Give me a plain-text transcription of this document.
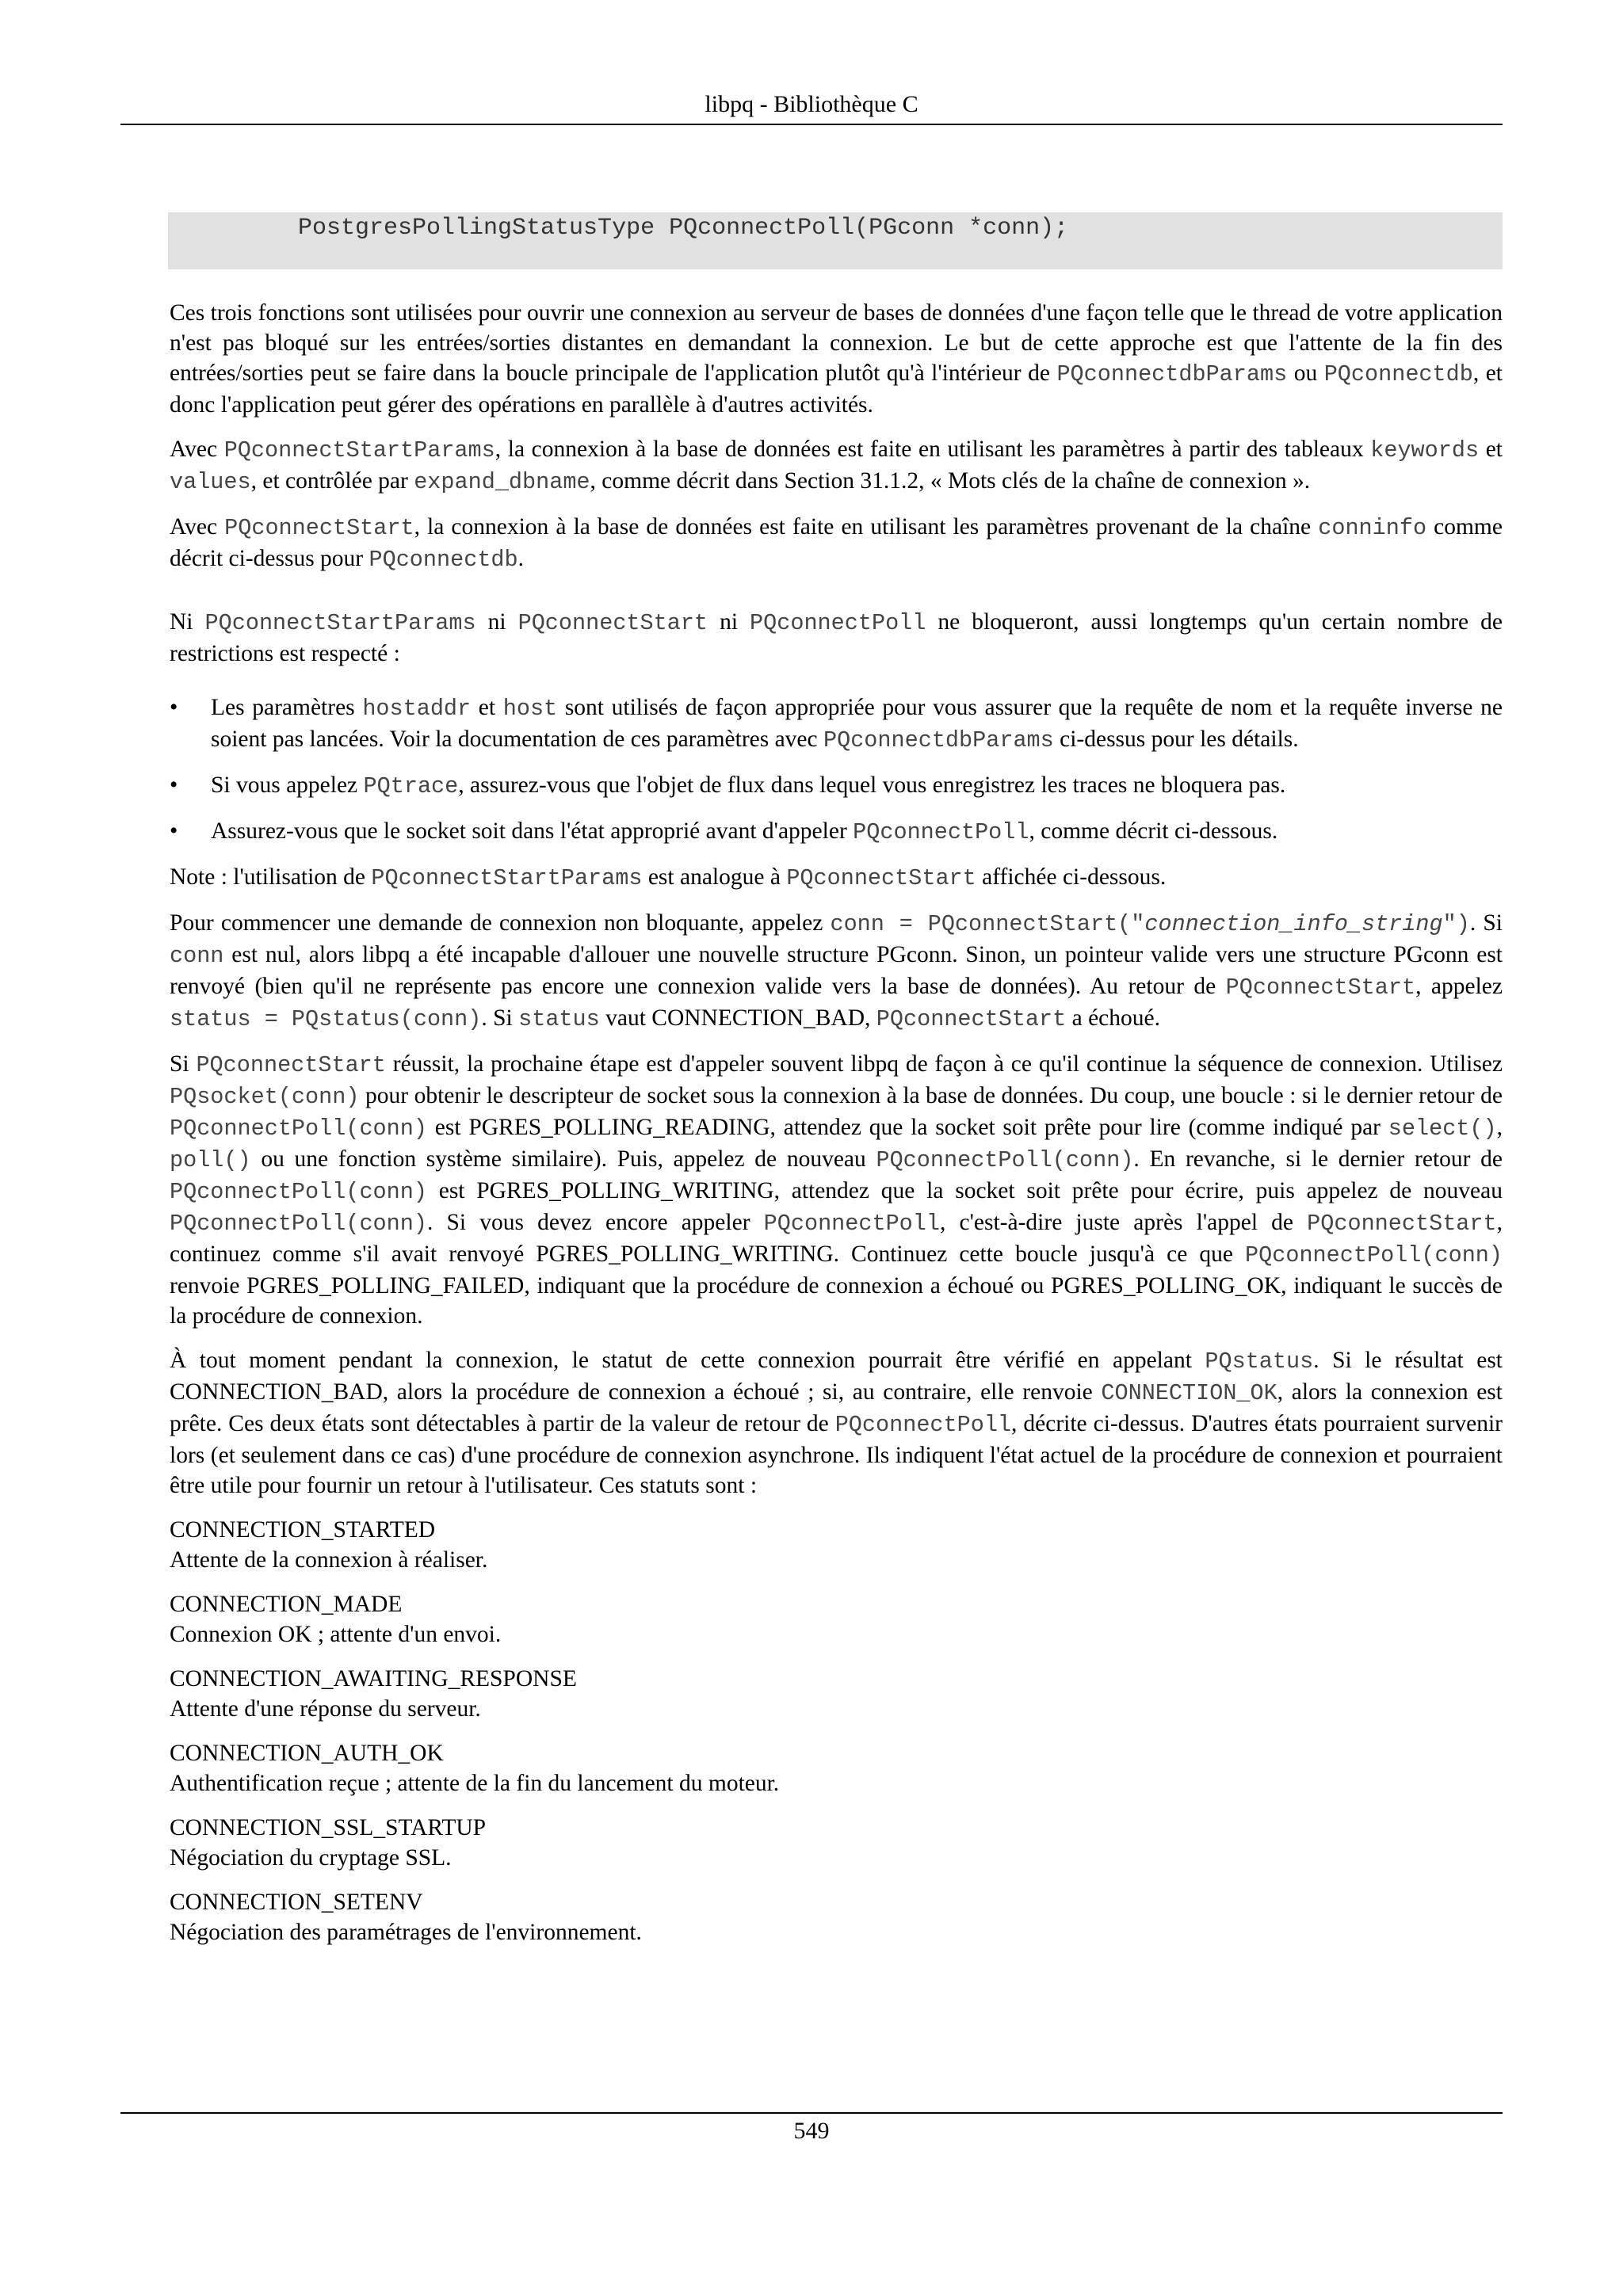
libpq - Bibliothèque C
PostgresPollingStatusType PQconnectPoll(PGconn *conn);

Ces trois fonctions sont utilisées pour ouvrir une connexion au serveur de bases de données d'une façon telle que le thread de votre application n'est pas bloqué sur les entrées/sorties distantes en demandant la connexion. Le but de cette approche est que l'attente de la fin des entrées/sorties peut se faire dans la boucle principale de l'application plutôt qu'à l'intérieur de PQconnectdbParams ou PQconnectdb, et donc l'application peut gérer des opérations en parallèle à d'autres activités.

Avec PQconnectStartParams, la connexion à la base de données est faite en utilisant les paramètres à partir des tableaux keywords et values, et contrôlée par expand_dbname, comme décrit dans Section 31.1.2, « Mots clés de la chaîne de connexion ».

Avec PQconnectStart, la connexion à la base de données est faite en utilisant les paramètres provenant de la chaîne conninfo comme décrit ci-dessus pour PQconnectdb.

Ni PQconnectStartParams ni PQconnectStart ni PQconnectPoll ne bloqueront, aussi longtemps qu'un certain nombre de restrictions est respecté :

• Les paramètres hostaddr et host sont utilisés de façon appropriée pour vous assurer que la requête de nom et la requête inverse ne soient pas lancées. Voir la documentation de ces paramètres avec PQconnectdbParams ci-dessus pour les détails.
• Si vous appelez PQtrace, assurez-vous que l'objet de flux dans lequel vous enregistrez les traces ne bloquera pas.
• Assurez-vous que le socket soit dans l'état approprié avant d'appeler PQconnectPoll, comme décrit ci-dessous.

Note : l'utilisation de PQconnectStartParams est analogue à PQconnectStart affichée ci-dessous.

Pour commencer une demande de connexion non bloquante, appelez conn = PQconnectStart("connection_info_string"). Si conn est nul, alors libpq a été incapable d'allouer une nouvelle structure PGconn. Sinon, un pointeur valide vers une structure PGconn est renvoyé (bien qu'il ne représente pas encore une connexion valide vers la base de données). Au retour de PQconnectStart, appelez status = PQstatus(conn). Si status vaut CONNECTION_BAD, PQconnectStart a échoué.

Si PQconnectStart réussit, la prochaine étape est d'appeler souvent libpq de façon à ce qu'il continue la séquence de connexion. Utilisez PQsocket(conn) pour obtenir le descripteur de socket sous la connexion à la base de données. Du coup, une boucle : si le dernier retour de PQconnectPoll(conn) est PGRES_POLLING_READING, attendez que la socket soit prête pour lire (comme indiqué par select(), poll() ou une fonction système similaire). Puis, appelez de nouveau PQconnectPoll(conn). En revanche, si le dernier retour de PQconnectPoll(conn) est PGRES_POLLING_WRITING, attendez que la socket soit prête pour écrire, puis appelez de nouveau PQconnectPoll(conn). Si vous devez encore appeler PQconnectPoll, c'est-à-dire juste après l'appel de PQconnectStart, continuez comme s'il avait renvoyé PGRES_POLLING_WRITING. Continuez cette boucle jusqu'à ce que PQconnectPoll(conn) renvoie PGRES_POLLING_FAILED, indiquant que la procédure de connexion a échoué ou PGRES_POLLING_OK, indiquant le succès de la procédure de connexion.

À tout moment pendant la connexion, le statut de cette connexion pourrait être vérifié en appelant PQstatus. Si le résultat est CONNECTION_BAD, alors la procédure de connexion a échoué ; si, au contraire, elle renvoie CONNECTION_OK, alors la connexion est prête. Ces deux états sont détectables à partir de la valeur de retour de PQconnectPoll, décrite ci-dessus. D'autres états pourraient survenir lors (et seulement dans ce cas) d'une procédure de connexion asynchrone. Ils indiquent l'état actuel de la procédure de connexion et pourraient être utile pour fournir un retour à l'utilisateur. Ces statuts sont :

CONNECTION_STARTED
Attente de la connexion à réaliser.
CONNECTION_MADE
Connexion OK ; attente d'un envoi.
CONNECTION_AWAITING_RESPONSE
Attente d'une réponse du serveur.
CONNECTION_AUTH_OK
Authentification reçue ; attente de la fin du lancement du moteur.
CONNECTION_SSL_STARTUP
Négociation du cryptage SSL.
CONNECTION_SETENV
Négociation des paramétrages de l'environnement.
549
